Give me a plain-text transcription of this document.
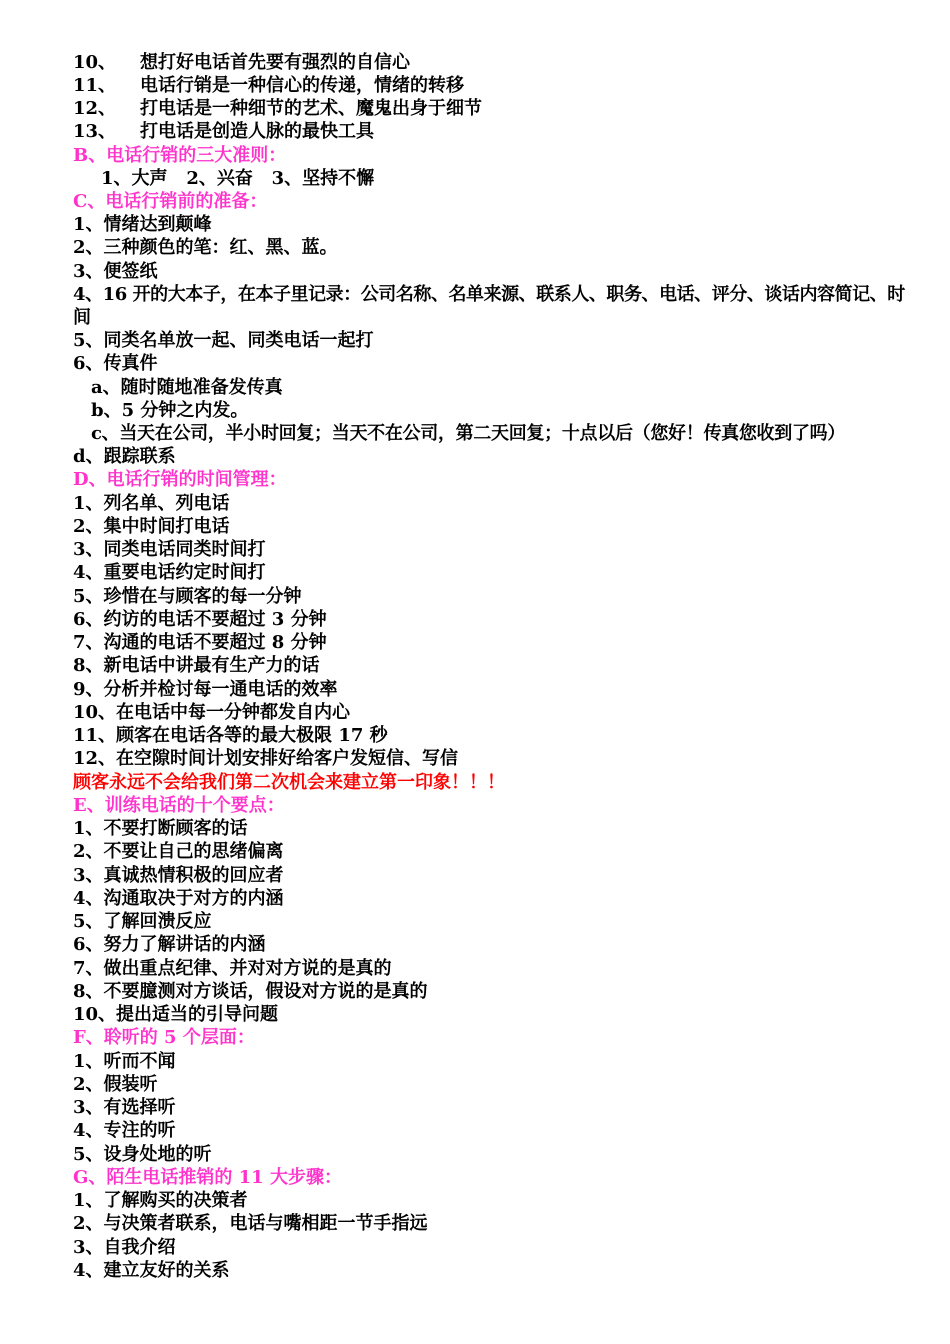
10、 想打好电话首先要有强烈的自信心
11、 电话行销是一种信心的传递，情绪的转移
12、 打电话是一种细节的艺术、魔鬼出身于细节
13、 打电话是创造人脉的最快工具
B、电话行销的三大准则：
1、大声   2、兴奋   3、坚持不懈
C、电话行销前的准备：
1、情绪达到颠峰
2、三种颜色的笔：红、黑、蓝。
3、便签纸
4、16 开的大本子，在本子里记录：公司名称、名单来源、联系人、职务、电话、评分、谈话内容简记、时
间
5、同类名单放一起、同类电话一起打
6、传真件
a、随时随地准备发传真
b、5 分钟之内发。
c、当天在公司，半小时回复；当天不在公司，第二天回复；十点以后（您好！传真您收到了吗）
d、跟踪联系
D、电话行销的时间管理：
1、列名单、列电话
2、集中时间打电话
3、同类电话同类时间打
4、重要电话约定时间打
5、珍惜在与顾客的每一分钟
6、约访的电话不要超过 3 分钟
7、沟通的电话不要超过 8 分钟
8、新电话中讲最有生产力的话
9、分析并检讨每一通电话的效率
10、在电话中每一分钟都发自内心
11、顾客在电话各等的最大极限 17 秒
12、在空隙时间计划安排好给客户发短信、写信
顾客永远不会给我们第二次机会来建立第一印象！！！
E、训练电话的十个要点：
1、不要打断顾客的话
2、不要让自己的思绪偏离
3、真诚热情积极的回应者
4、沟通取决于对方的内涵
5、了解回溃反应
6、努力了解讲话的内涵
7、做出重点纪律、并对对方说的是真的
8、不要臆测对方谈话，假设对方说的是真的
10、提出适当的引导问题
F、聆听的 5 个层面：
1、听而不闻
2、假装听
3、有选择听
4、专注的听
5、设身处地的听
G、陌生电话推销的 11 大步骤：
1、了解购买的决策者
2、与决策者联系，电话与嘴相距一节手指远
3、自我介绍
4、建立友好的关系
